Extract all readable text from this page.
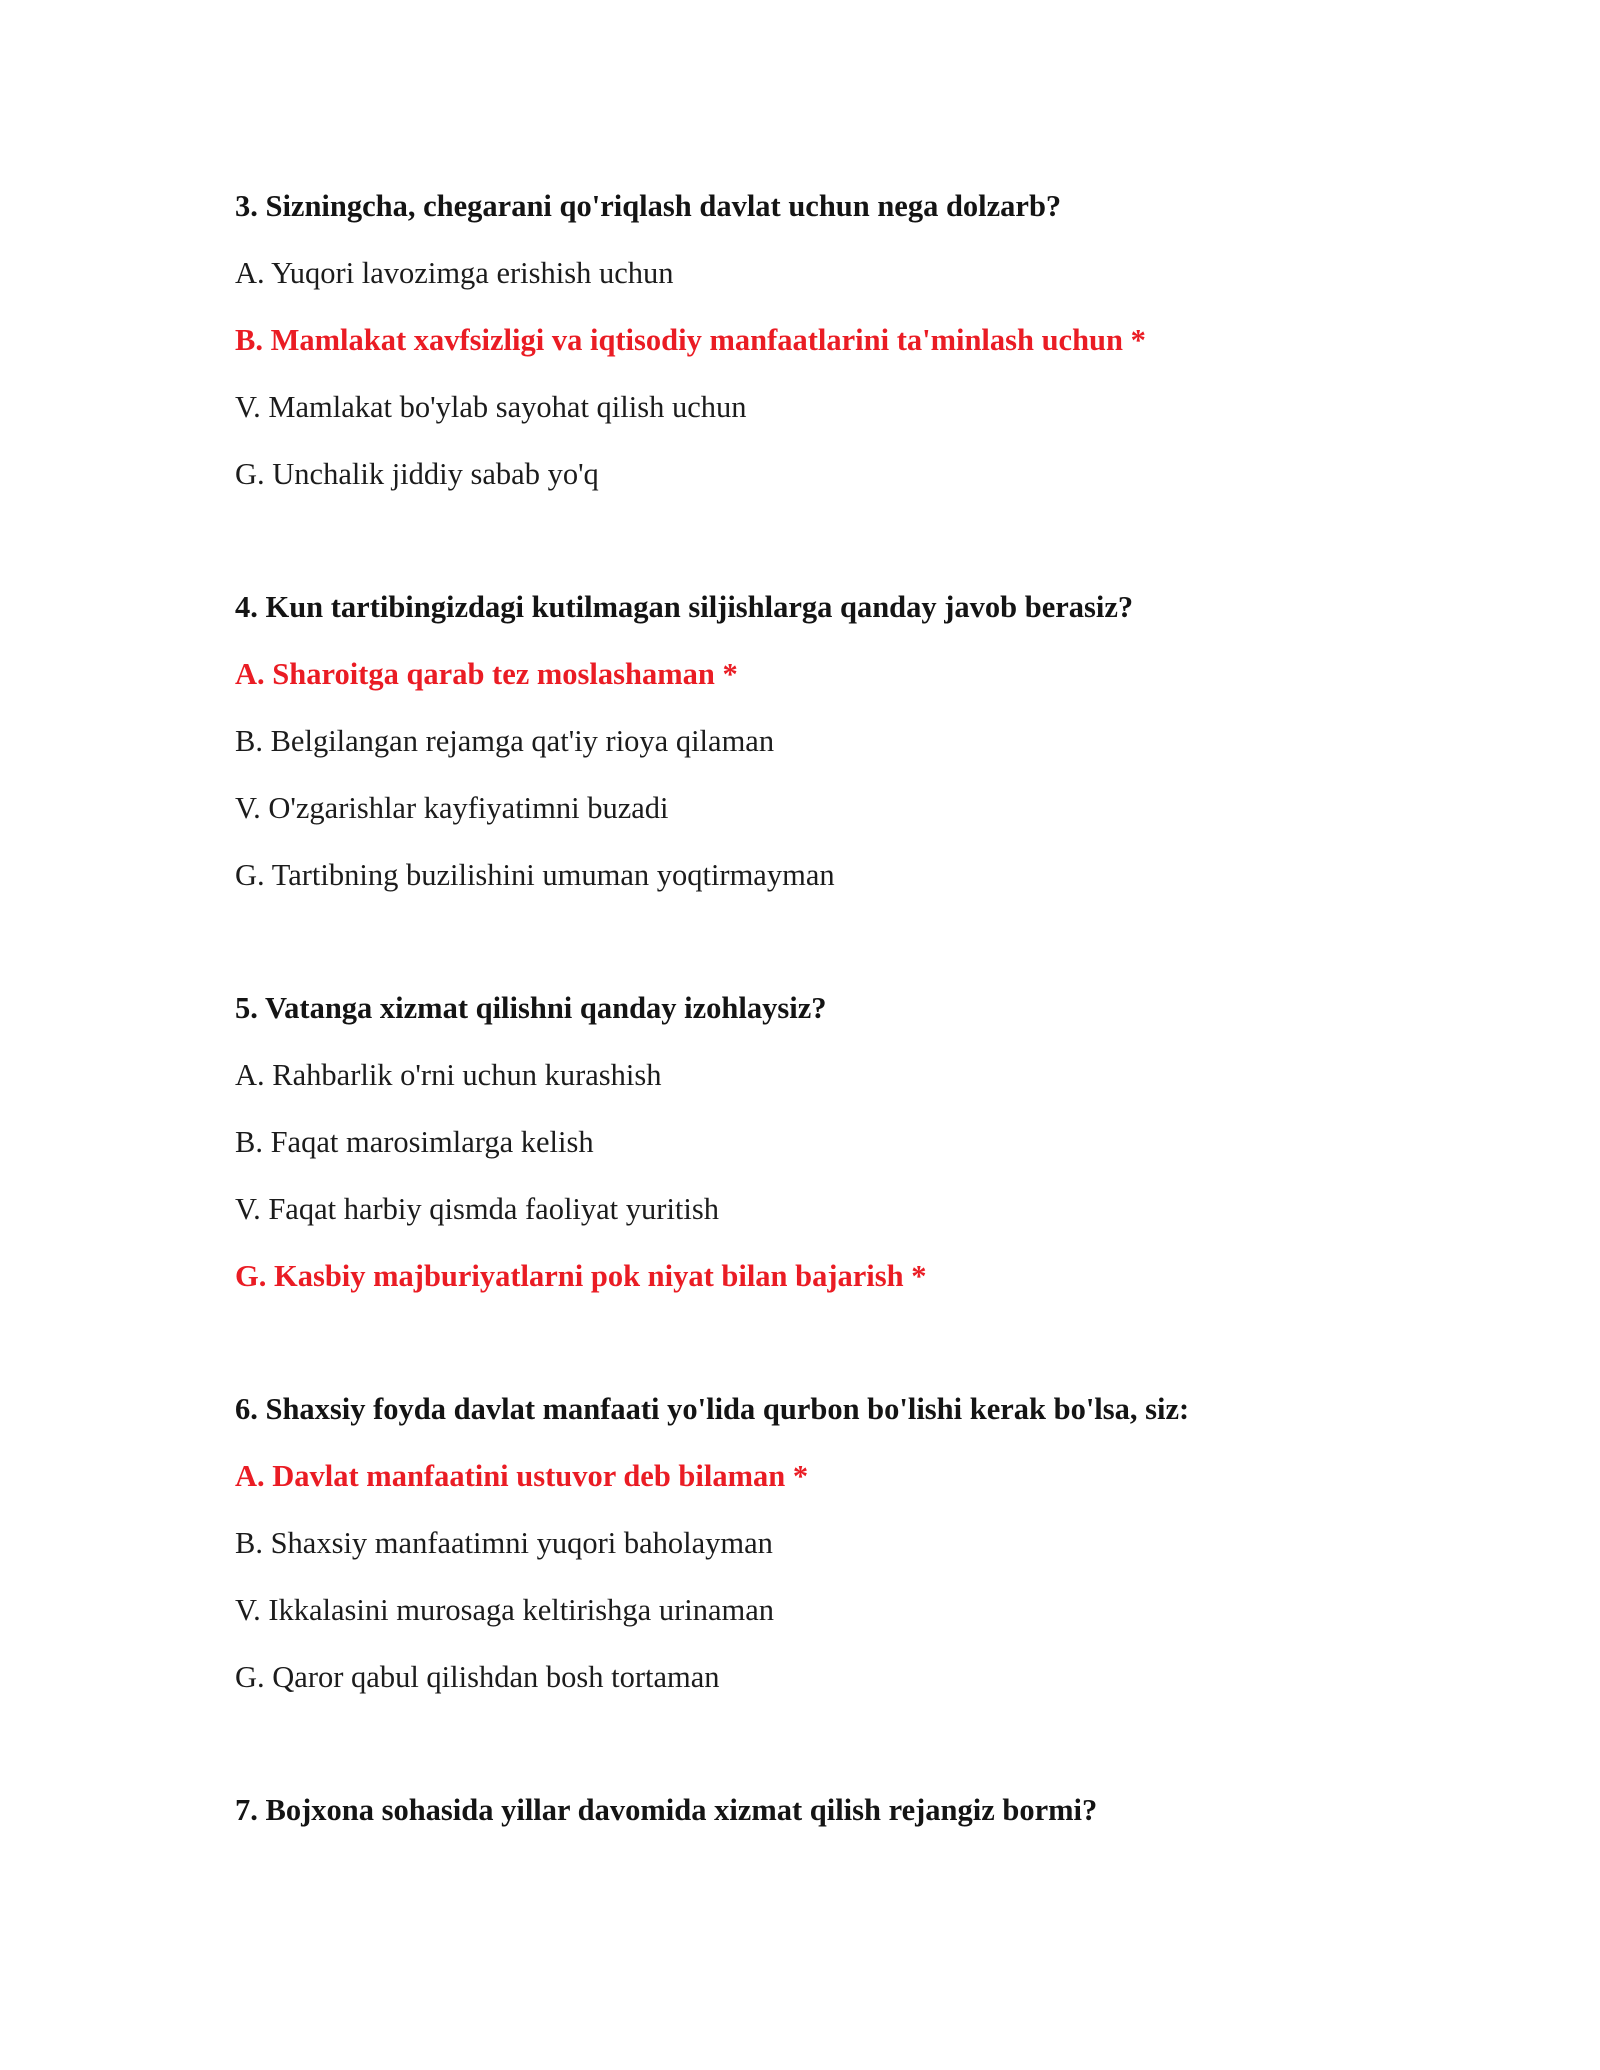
3. Sizningcha, chegarani qo'riqlash davlat uchun nega dolzarb?

A. Yuqori lavozimga erishish uchun

B. Mamlakat xavfsizligi va iqtisodiy manfaatlarini ta'minlash uchun *

V. Mamlakat bo'ylab sayohat qilish uchun

G. Unchalik jiddiy sabab yo'q

4. Kun tartibingizdagi kutilmagan siljishlarga qanday javob berasiz?

A. Sharoitga qarab tez moslashaman *

B. Belgilangan rejamga qat'iy rioya qilaman

V. O'zgarishlar kayfiyatimni buzadi

G. Tartibning buzilishini umuman yoqtirmayman

5. Vatanga xizmat qilishni qanday izohlaysiz?

A. Rahbarlik o'rni uchun kurashish

B. Faqat marosimlarga kelish

V. Faqat harbiy qismda faoliyat yuritish

G. Kasbiy majburiyatlarni pok niyat bilan bajarish *

6. Shaxsiy foyda davlat manfaati yo'lida qurbon bo'lishi kerak bo'lsa, siz:

A. Davlat manfaatini ustuvor deb bilaman *

B. Shaxsiy manfaatimni yuqori baholayman

V. Ikkalasini murosaga keltirishga urinaman

G. Qaror qabul qilishdan bosh tortaman

7. Bojxona sohasida yillar davomida xizmat qilish rejangiz bormi?
